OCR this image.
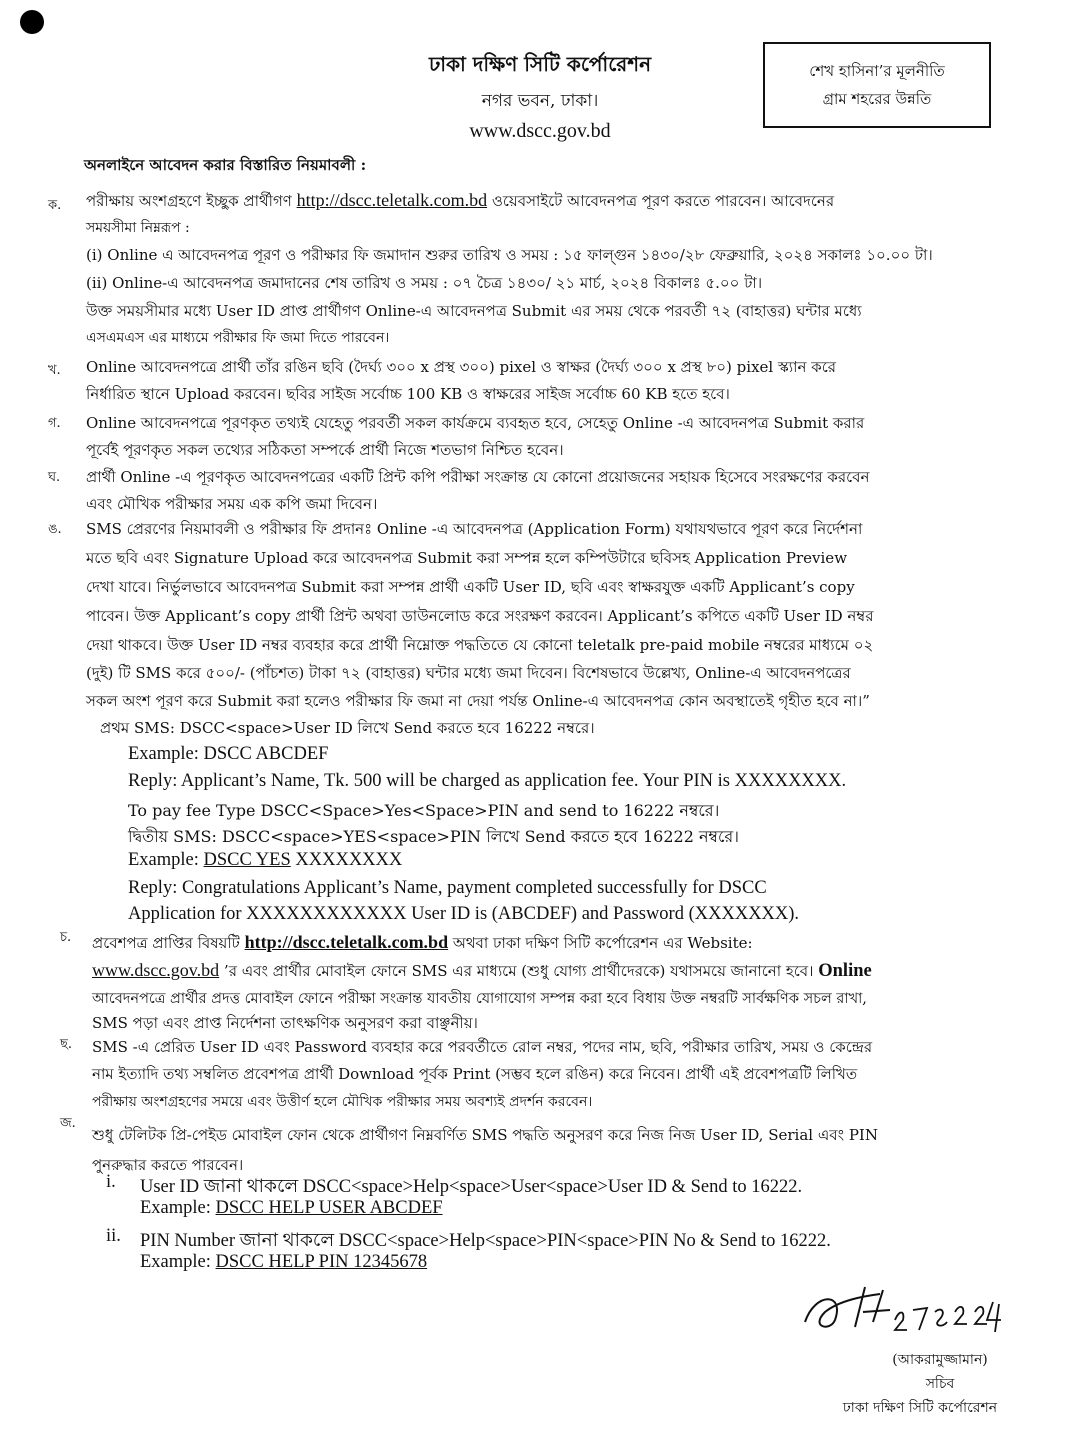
ঢাকা দক্ষিণ সিটি কর্পোরেশন
নগর ভবন, ঢাকা।
www.dscc.gov.bd
শেখ হাসিনা’র মূলনীতি
গ্রাম শহরের উন্নতি
অনলাইনে আবেদন করার বিস্তারিত নিয়মাবলী :
ক.
খ.
গ.
ঘ.
ঙ.
চ.
ছ.
জ.
পরীক্ষায় অংশগ্রহণে ইচ্ছুক প্রার্থীগণ http://dscc.teletalk.com.bd ওয়েবসাইটে আবেদনপত্র পূরণ করতে পারবেন। আবেদনের
সময়সীমা নিম্নরূপ :
(i) Online এ আবেদনপত্র পূরণ ও পরীক্ষার ফি জমাদান শুরুর তারিখ ও সময় : ১৫ ফাল্গুন ১৪৩০/২৮ ফেব্রুয়ারি, ২০২৪ সকালঃ ১০.০০ টা।
(ii) Online-এ আবেদনপত্র জমাদানের শেষ তারিখ ও সময় : ০৭ চৈত্র ১৪৩০/ ২১ মার্চ, ২০২৪ বিকালঃ ৫.০০ টা।
উক্ত সময়সীমার মধ্যে User ID প্রাপ্ত প্রার্থীগণ Online-এ আবেদনপত্র Submit এর সময় থেকে পরবর্তী ৭২ (বাহাত্তর) ঘন্টার মধ্যে
এসএমএস এর মাধ্যমে পরীক্ষার ফি জমা দিতে পারবেন।
Online আবেদনপত্রে প্রার্থী তাঁর রঙিন ছবি (দৈর্ঘ্য ৩০০ x প্রস্থ ৩০০) pixel ও স্বাক্ষর (দৈর্ঘ্য ৩০০ x প্রস্থ ৮০) pixel স্ক্যান করে
নির্ধারিত স্থানে Upload করবেন। ছবির সাইজ সর্বোচ্চ 100 KB ও স্বাক্ষরের সাইজ সর্বোচ্চ 60 KB হতে হবে।
Online আবেদনপত্রে পূরণকৃত তথ্যই যেহেতু পরবর্তী সকল কার্যক্রমে ব্যবহৃত হবে, সেহেতু Online -এ আবেদনপত্র Submit করার
পূর্বেই পূরণকৃত সকল তথ্যের সঠিকতা সম্পর্কে প্রার্থী নিজে শতভাগ নিশ্চিত হবেন।
প্রার্থী Online -এ পূরণকৃত আবেদনপত্রের একটি প্রিন্ট কপি পরীক্ষা সংক্রান্ত যে কোনো প্রয়োজনের সহায়ক হিসেবে সংরক্ষণের করবেন
এবং মৌখিক পরীক্ষার সময় এক কপি জমা দিবেন।
SMS প্রেরণের নিয়মাবলী ও পরীক্ষার ফি প্রদানঃ Online -এ আবেদনপত্র (Application Form) যথাযথভাবে পূরণ করে নির্দেশনা
মতে ছবি এবং Signature Upload করে আবেদনপত্র Submit করা সম্পন্ন হলে কম্পিউটারে ছবিসহ Application Preview
দেখা যাবে। নির্ভুলভাবে আবেদনপত্র Submit করা সম্পন্ন প্রার্থী একটি User ID, ছবি এবং স্বাক্ষরযুক্ত একটি Applicant’s copy
পাবেন। উক্ত Applicant’s copy প্রার্থী প্রিন্ট অথবা ডাউনলোড করে সংরক্ষণ করবেন। Applicant’s কপিতে একটি User ID নম্বর
দেয়া থাকবে। উক্ত User ID নম্বর ব্যবহার করে প্রার্থী নিম্নোক্ত পদ্ধতিতে যে কোনো teletalk pre-paid mobile নম্বরের মাধ্যমে ০২
(দুই) টি SMS করে ৫০০/- (পাঁচশত) টাকা ৭২ (বাহাত্তর) ঘন্টার মধ্যে জমা দিবেন। বিশেষভাবে উল্লেখ্য, Online-এ আবেদনপত্রের
সকল অংশ পূরণ করে Submit করা হলেও পরীক্ষার ফি জমা না দেয়া পর্যন্ত Online-এ আবেদনপত্র কোন অবস্থাতেই গৃহীত হবে না।”
প্রথম SMS: DSCC<space>User ID লিখে Send করতে হবে 16222 নম্বরে।
Example: DSCC ABCDEF
Reply: Applicant’s Name, Tk. 500 will be charged as application fee. Your PIN is XXXXXXXX.
To pay fee Type DSCC<Space>Yes<Space>PIN and send to 16222 নম্বরে।
দ্বিতীয় SMS: DSCC<space>YES<space>PIN লিখে Send করতে হবে 16222 নম্বরে।
Example: DSCC YES XXXXXXXX
Reply: Congratulations Applicant’s Name, payment completed successfully for DSCC
Application for XXXXXXXXXXXX User ID is (ABCDEF) and Password (XXXXXXX).
প্রবেশপত্র প্রাপ্তির বিষয়টি http://dscc.teletalk.com.bd অথবা ঢাকা দক্ষিণ সিটি কর্পোরেশন এর Website:
www.dscc.gov.bd ’র এবং প্রার্থীর মোবাইল ফোনে SMS এর মাধ্যমে (শুধু যোগ্য প্রার্থীদেরকে) যথাসময়ে জানানো হবে। Online
আবেদনপত্রে প্রার্থীর প্রদত্ত মোবাইল ফোনে পরীক্ষা সংক্রান্ত যাবতীয় যোগাযোগ সম্পন্ন করা হবে বিধায় উক্ত নম্বরটি সার্বক্ষণিক সচল রাখা,
SMS পড়া এবং প্রাপ্ত নির্দেশনা তাৎক্ষণিক অনুসরণ করা বাঞ্ছনীয়।
SMS -এ প্রেরিত User ID এবং Password ব্যবহার করে পরবর্তীতে রোল নম্বর, পদের নাম, ছবি, পরীক্ষার তারিখ, সময় ও কেন্দ্রের
নাম ইত্যাদি তথ্য সম্বলিত প্রবেশপত্র প্রার্থী Download পূর্বক Print (সম্ভব হলে রঙিন) করে নিবেন। প্রার্থী এই প্রবেশপত্রটি লিখিত
পরীক্ষায় অংশগ্রহণের সময়ে এবং উত্তীর্ণ হলে মৌখিক পরীক্ষার সময় অবশ্যই প্রদর্শন করবেন।
শুধু টেলিটক প্রি-পেইড মোবাইল ফোন থেকে প্রার্থীগণ নিম্নবর্ণিত SMS পদ্ধতি অনুসরণ করে নিজ নিজ User ID, Serial এবং PIN
পুনরুদ্ধার করতে পারবেন।
i. User ID জানা থাকলে DSCC<space>Help<space>User<space>User ID & Send to 16222.
Example: DSCC HELP USER ABCDEF
ii. PIN Number জানা থাকলে DSCC<space>Help<space>PIN<space>PIN No & Send to 16222.
Example: DSCC HELP PIN 12345678
(আকরামুজ্জামান)
সচিব
ঢাকা দক্ষিণ সিটি কর্পোরেশন
